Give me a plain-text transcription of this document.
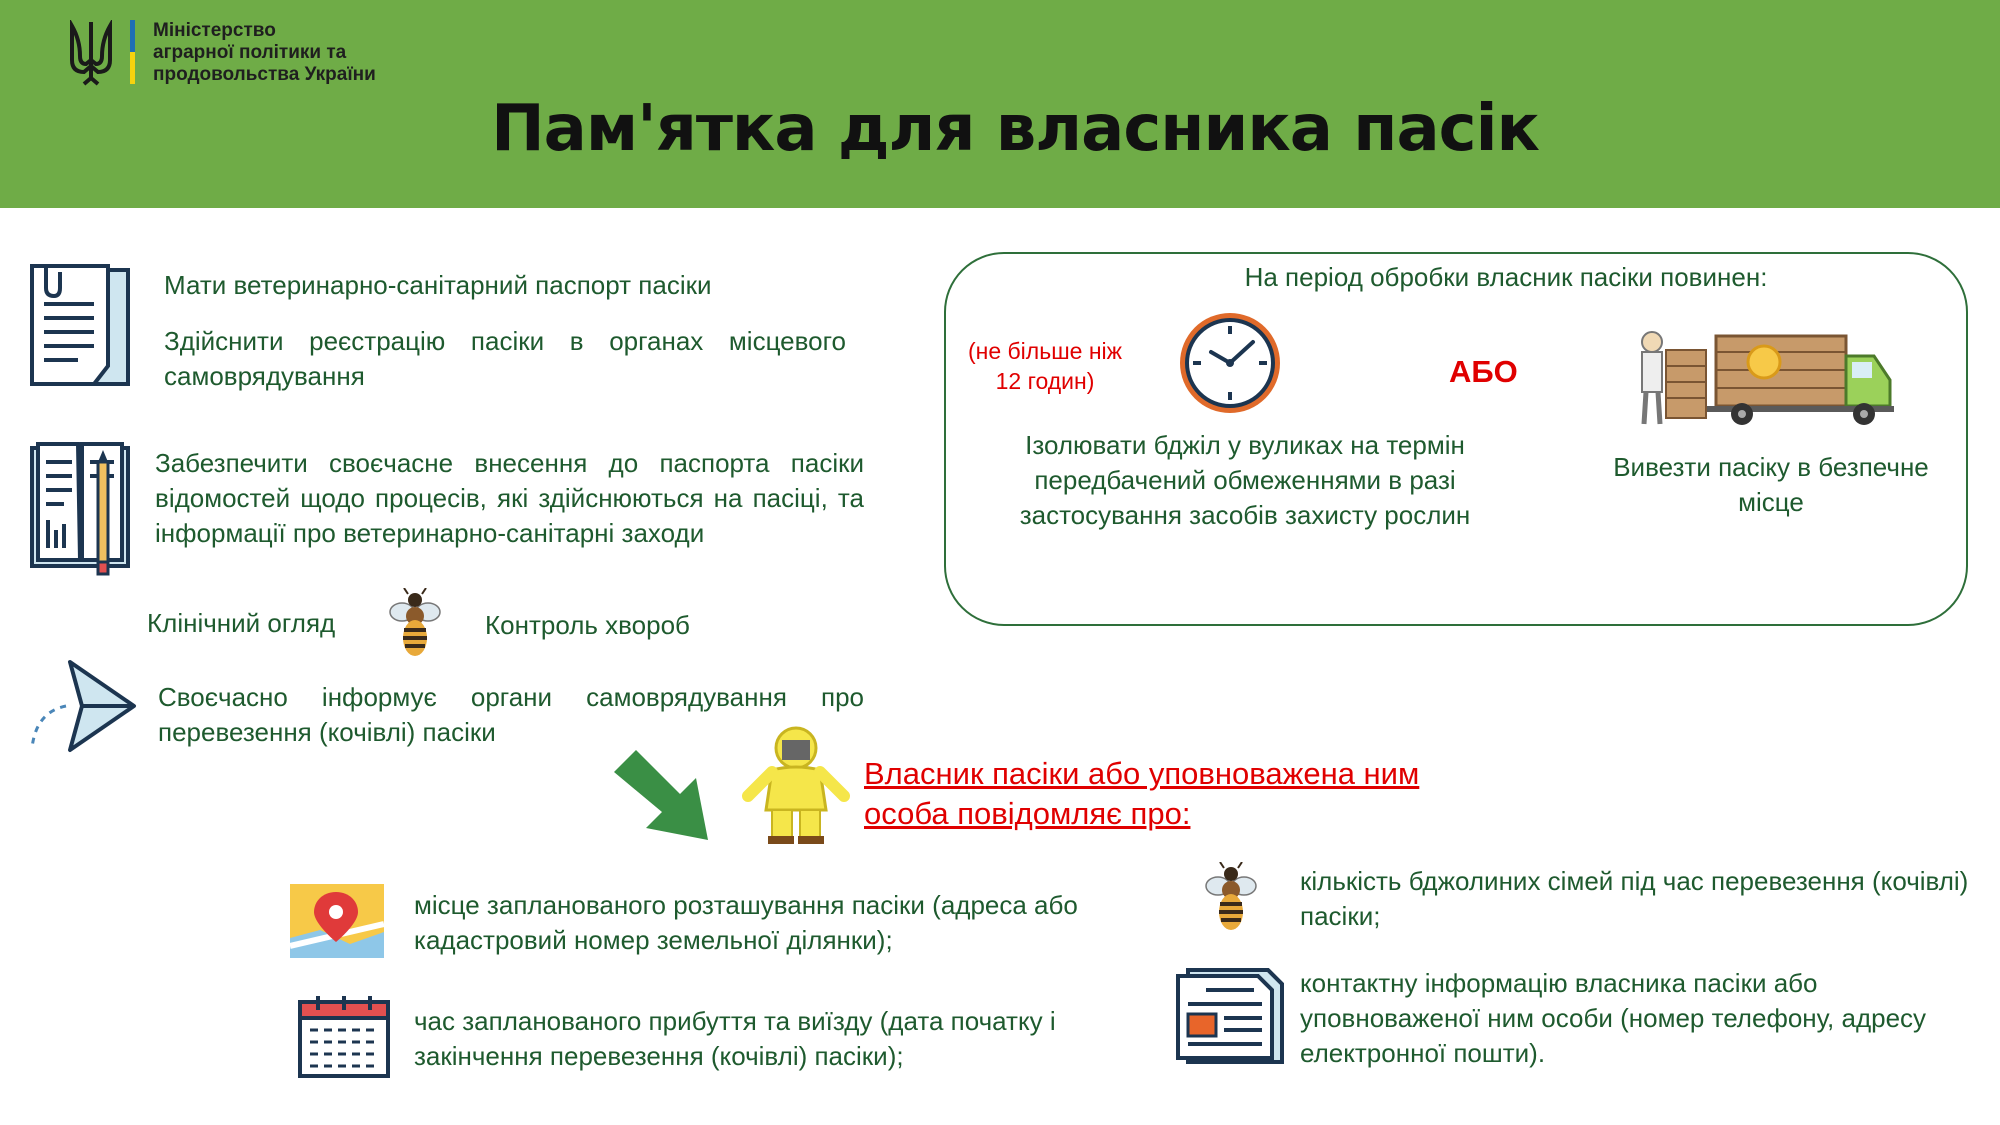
Міністерство
аграрної політики та
продовольства України
Пам'ятка для власника пасік
Мати ветеринарно-санітарний паспорт пасіки
Здійснити реєстрацію пасіки в органах місцевого самоврядування
Забезпечити своєчасне внесення до паспорта пасіки відомостей щодо процесів, які здійснюються на пасіці, та інформації про ветеринарно-санітарні заходи
Клінічний огляд	Контроль хвороб
Своєчасно інформує органи самоврядування про перевезення (кочівлі) пасіки
На період обробки власник пасіки повинен:
(не більше ніж
12 годин)	АБО
Ізолювати бджіл у вуликах на термін передбачений обмеженнями в разі застосування засобів захисту рослин
Вивезти пасіку в безпечне місце
Власник пасіки або уповноважена ним
особа повідомляє про:
місце запланованого розташування пасіки (адреса або кадастровий номер земельної ділянки);
час запланованого прибуття та виїзду (дата початку і закінчення перевезення (кочівлі) пасіки);
кількість бджолиних сімей під час перевезення (кочівлі) пасіки;
контактну інформацію власника пасіки або уповноваженої ним особи (номер телефону, адресу електронної пошти).
